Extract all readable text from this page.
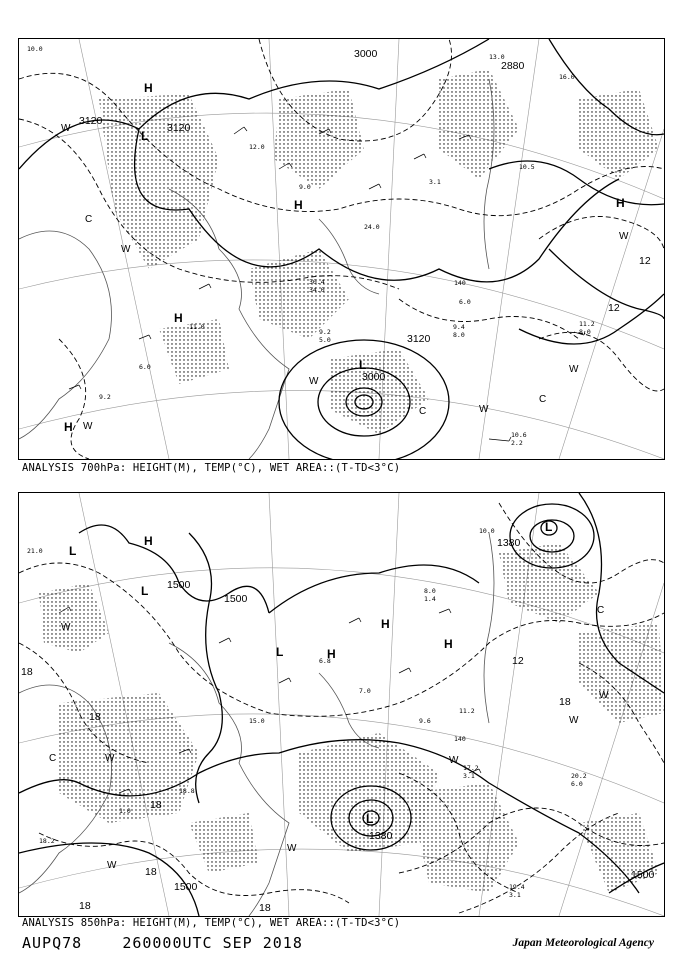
140
10.0
12.0
9.0
24.0
3.1
6.0
9.2
5.0
9.4
8.0
11.2
8.0
10.6
2.2
30.4
34.0
11.0
9.2
6.0
13.0
16.0
10.5
3000
2880
3120
3120
3120
3000
12
12
H
L
H
H
L
H
H
W
C
W
W
C	W
W
C
W
W
ANALYSIS 700hPa: HEIGHT(M), TEMP(°C), WET AREA::(T-TD<3°C)
140
20.2
6.0
19.4
3.1
17.2
3.1
21.0
10.0
8.0
1.4
6.8
7.0
15.0
18.8
1.0
18.2
9.6
11.2
1500
1500
1380
1380
1500
1500
12
18
18
18
18
18	18
18
L
H
L
H
H
L
H
L
L
W
C	W
W
W
C
W
W
W
ANALYSIS 850hPa: HEIGHT(M), TEMP(°C), WET AREA::(T-TD<3°C)
AUPQ78	260000UTC SEP 2018	Japan Meteorological Agency
